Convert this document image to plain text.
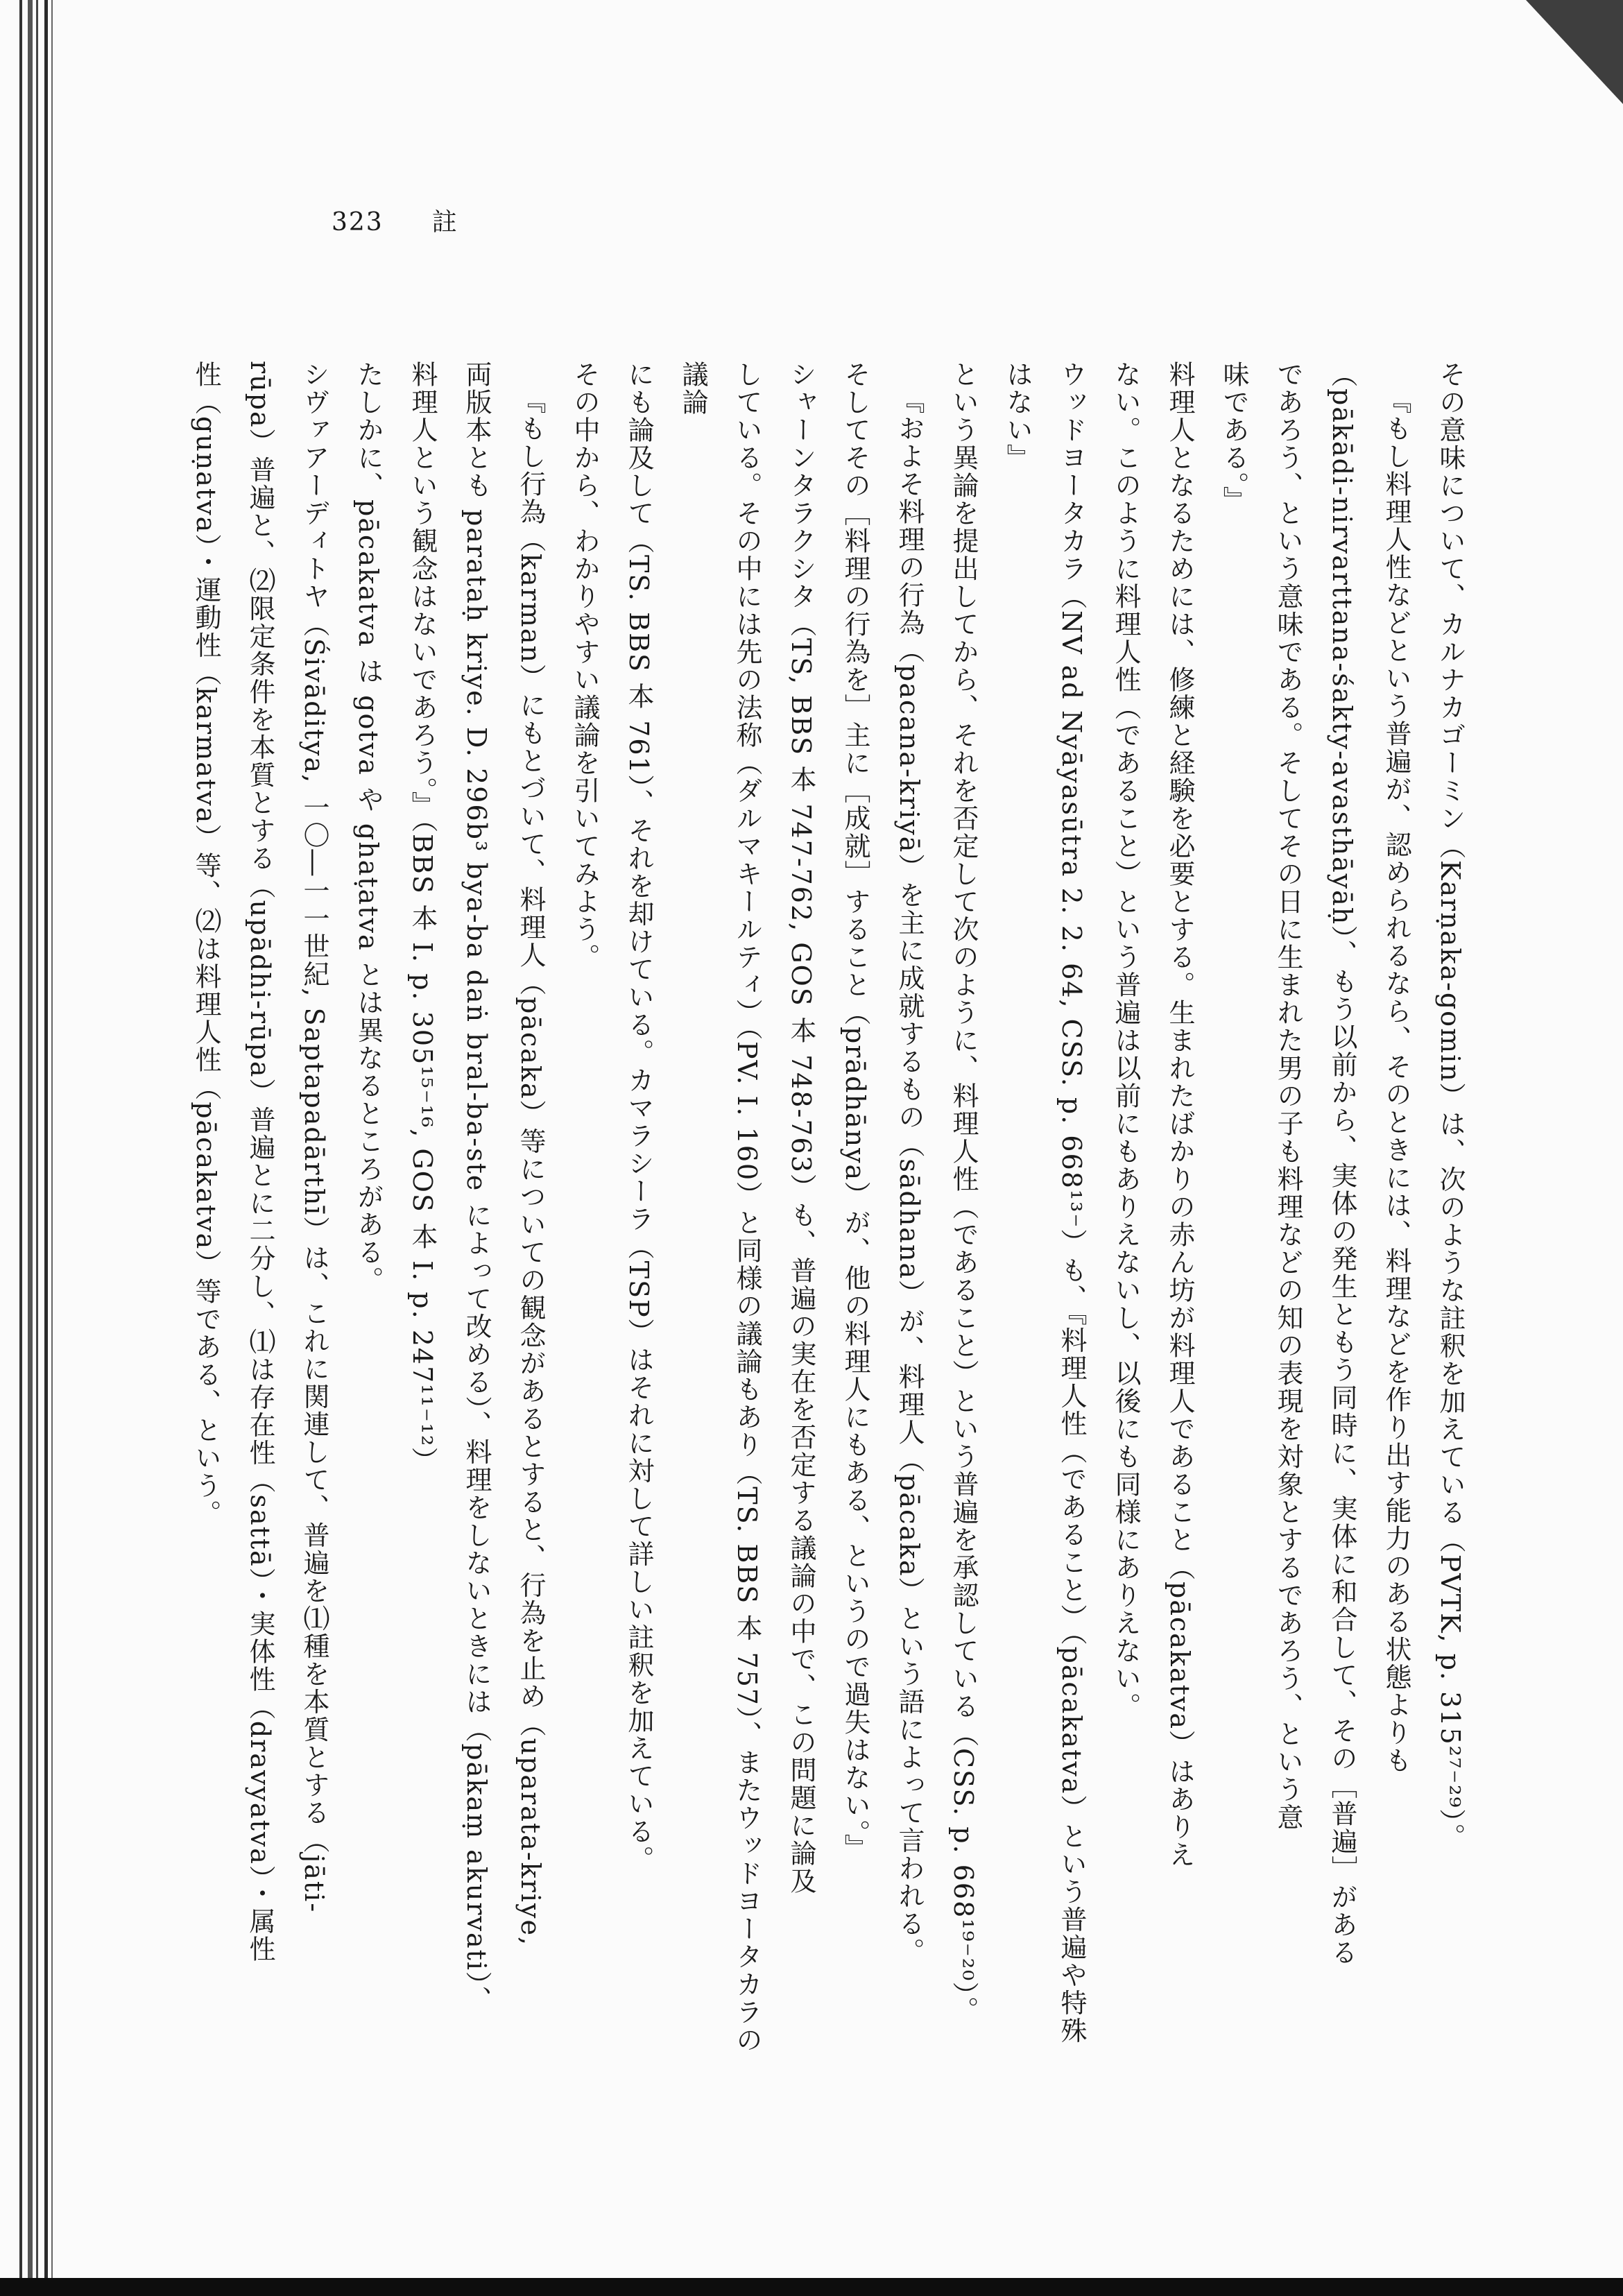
323 註

その意味について、カルナカゴーミン（Karṇaka-gomin）は、次のような註釈を加えている（PVTK, p. 315²⁷⁻²⁹）。

『もし料理人性などという普遍が、認められるなら、そのときには、料理などを作り出す能力のある状態よりも

（pākādi-nirvarttana-śakty-avasthāyāḥ）、もう以前から、実体の発生ともう同時に、実体に和合して、その［普遍］がある

であろう、という意味である。そしてその日に生まれた男の子も料理などの知の表現を対象とするであろう、という意

味である。』

料理人となるためには、修練と経験を必要とする。生まれたばかりの赤ん坊が料理人であること（pācakatva）はありえ

ない。このように料理人性（であること）という普遍は以前にもありえないし、以後にも同様にありえない。

ウッドヨータカラ（NV ad Nyāyasūtra 2. 2. 64, CSS. p. 668¹³⁻）も、『料理人性（であること）（pācakatva）という普遍や特殊はない』

という異論を提出してから、それを否定して次のように、料理人性（であること）という普遍を承認している（CSS. p. 668¹⁹⁻²⁰）。

『およそ料理の行為（pacana-kriyā）を主に成就するもの（sādhana）が、料理人（pācaka）という語によって言われる。

そしてその［料理の行為を］主に［成就］すること（prādhānya）が、他の料理人にもある、というので過失はない。』

シャーンタラクシタ（TS, BBS 本 747-762, GOS 本 748-763）も、普遍の実在を否定する議論の中で、この問題に論及

している。その中には先の法称（ダルマキールティ）（PV. I. 160）と同様の議論もあり（TS. BBS 本 757）、またウッドヨータカラの議論

にも論及して（TS. BBS 本 761）、それを却けている。カマラシーラ（TSP）はそれに対して詳しい註釈を加えている。

その中から、わかりやすい議論を引いてみよう。

『もし行為（karman）にもとづいて、料理人（pācaka）等についての観念があるとすると、行為を止め（uparata-kriye,

両版本とも parataḥ kriye. D. 296b³ bya-ba daṅ bral-ba-ste によって改める）、料理をしないときには（pākaṃ akurvati）、

料理人という観念はないであろう。』（BBS 本 I. p. 305¹⁵⁻¹⁶, GOS 本 I. p. 247¹¹⁻¹²）

たしかに、pācakatva は gotva や ghaṭatva とは異なるところがある。

シヴァアーディトヤ（Śivāditya, 一〇―一一世紀, Saptapadārthī）は、これに関連して、普遍を⑴種を本質とする（jāti-

rūpa）普遍と、⑵限定条件を本質とする（upādhi-rūpa）普遍とに二分し、⑴は存在性（sattā）・実体性（dravyatva）・属性

性（guṇatva）・運動性（karmatva）等、⑵は料理人性（pācakatva）等である、という。
